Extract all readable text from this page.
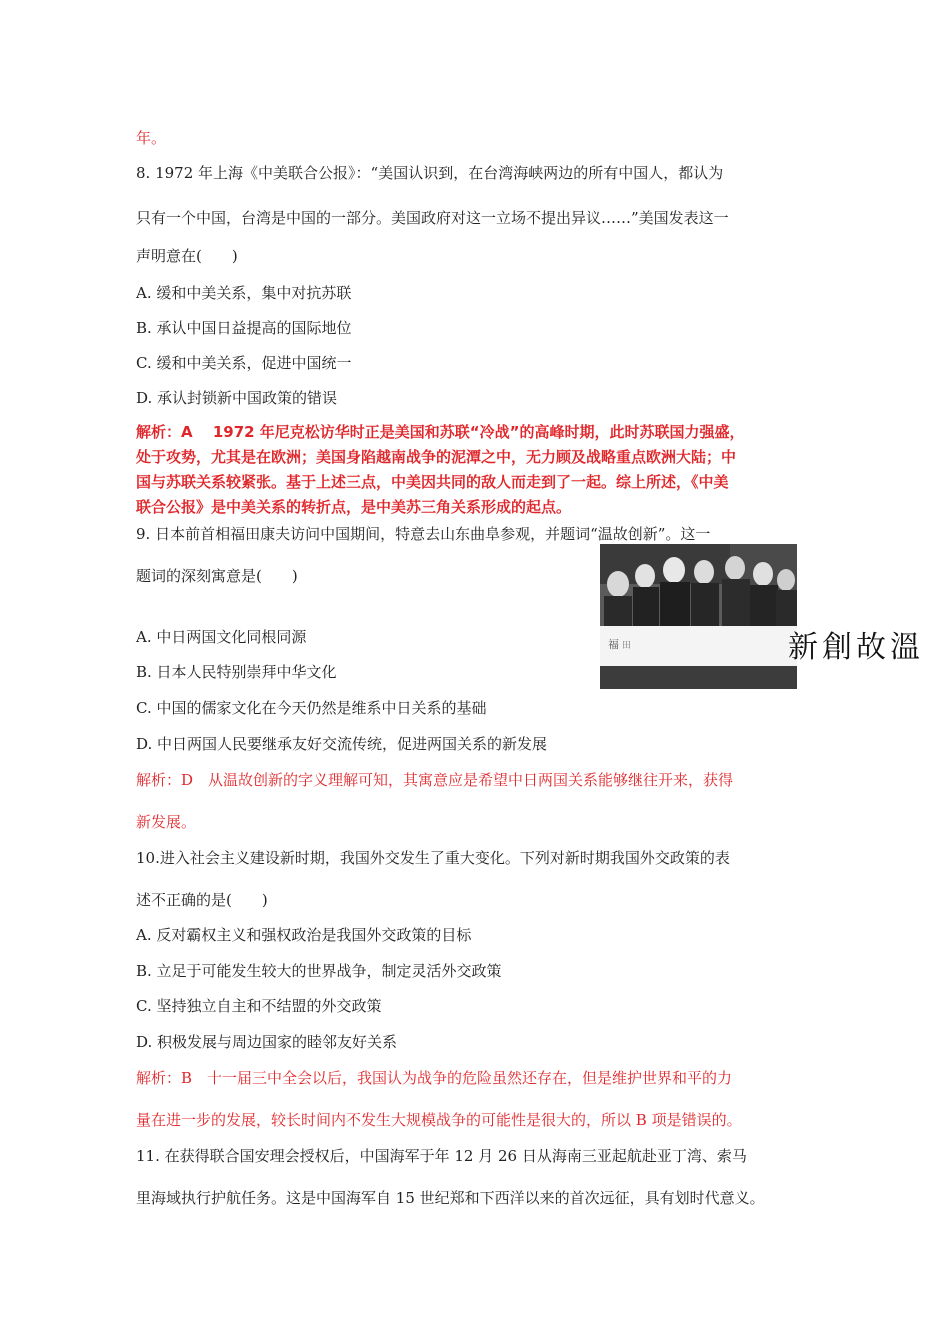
年。
8. 1972 年上海《中美联合公报》：“美国认识到，在台湾海峡两边的所有中国人，都认为
只有一个中国，台湾是中国的一部分。美国政府对这一立场不提出异议……”美国发表这一
声明意在(　　)
A. 缓和中美关系，集中对抗苏联
B. 承认中国日益提高的国际地位
C. 缓和中美关系，促进中国统一
D. 承认封锁新中国政策的错误
解析：A　 1972 年尼克松访华时正是美国和苏联“冷战”的高峰时期，此时苏联国力强盛，
处于攻势，尤其是在欧洲；美国身陷越南战争的泥潭之中，无力顾及战略重点欧洲大陆；中
国与苏联关系较紧张。基于上述三点，中美因共同的敌人而走到了一起。综上所述，《中美
联合公报》是中美关系的转折点，是中美苏三角关系形成的起点。
9. 日本前首相福田康夫访问中国期间，特意去山东曲阜参观，并题词“温故创新”。这一
题词的深刻寓意是(　　)
福 田	溫故創新
A. 中日两国文化同根同源
B. 日本人民特别崇拜中华文化
C. 中国的儒家文化在今天仍然是维系中日关系的基础
D. 中日两国人民要继承友好交流传统，促进两国关系的新发展
解析：D　从温故创新的字义理解可知，其寓意应是希望中日两国关系能够继往开来，获得
新发展。
10.进入社会主义建设新时期，我国外交发生了重大变化。下列对新时期我国外交政策的表
述不正确的是(　　)
A. 反对霸权主义和强权政治是我国外交政策的目标
B. 立足于可能发生较大的世界战争，制定灵活外交政策
C. 坚持独立自主和不结盟的外交政策
D. 积极发展与周边国家的睦邻友好关系
解析：B　十一届三中全会以后，我国认为战争的危险虽然还存在，但是维护世界和平的力
量在进一步的发展，较长时间内不发生大规模战争的可能性是很大的，所以 B 项是错误的。
11. 在获得联合国安理会授权后，中国海军于年 12 月 26 日从海南三亚起航赴亚丁湾、索马
里海域执行护航任务。这是中国海军自 15 世纪郑和下西洋以来的首次远征，具有划时代意义。
